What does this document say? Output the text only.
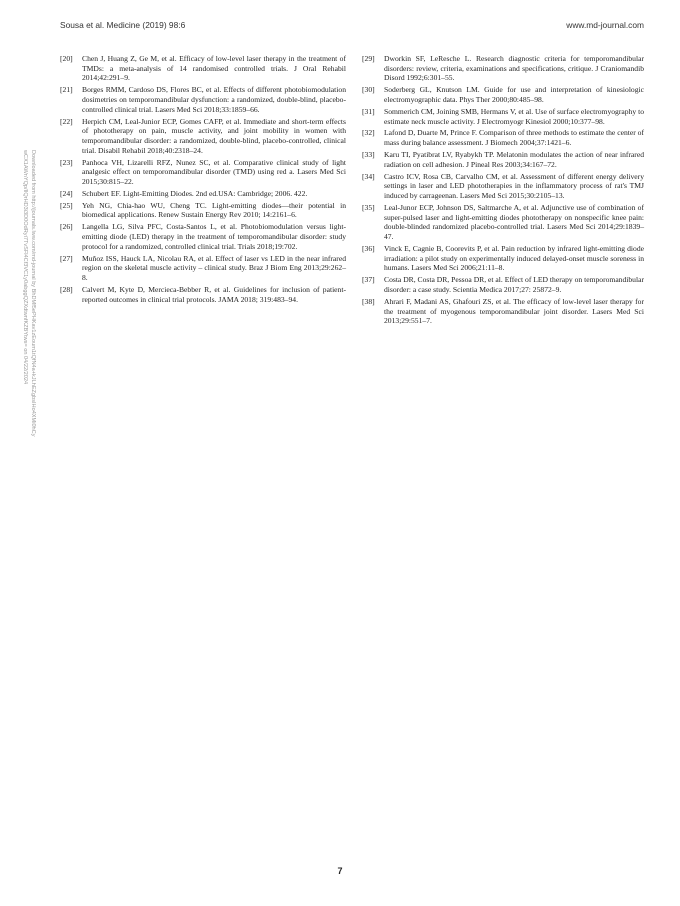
Sousa et al. Medicine (2019) 98:6	www.md-journal.com
Downloaded from http://journals.lww.com/md-journal by BhDMf5ePHKav1zEoum1tQfN4a+kJLhEZgbsIHo4XMi0hCy
wCX1AWnYQp/IlQrHD3i3D0OdRyi7TvSFl4Cf3VC1y0abggQZXdtwnfKZBYtws= on 04/22/2024
[20] Chen J, Huang Z, Ge M, et al. Efficacy of low-level laser therapy in the treatment of TMDs: a meta-analysis of 14 randomised controlled trials. J Oral Rehabil 2014;42:291–9.
[21] Borges RMM, Cardoso DS, Flores BC, et al. Effects of different photobiomodulation dosimetries on temporomandibular dysfunction: a randomized, double-blind, placebo-controlled clinical trial. Lasers Med Sci 2018;33:1859–66.
[22] Herpich CM, Leal-Junior ECP, Gomes CAFP, et al. Immediate and short-term effects of phototherapy on pain, muscle activity, and joint mobility in women with temporomandibular disorder: a randomized, double-blind, placebo-controlled, clinical trial. Disabil Rehabil 2018;40:2318–24.
[23] Panhoca VH, Lizarelli RFZ, Nunez SC, et al. Comparative clinical study of light analgesic effect on temporomandibular disorder (TMD) using red a. Lasers Med Sci 2015;30:815–22.
[24] Schubert EF. Light-Emitting Diodes. 2nd ed.USA: Cambridge; 2006. 422.
[25] Yeh NG, Chia-hao WU, Cheng TC. Light-emitting diodes—their potential in biomedical applications. Renew Sustain Energy Rev 2010; 14:2161–6.
[26] Langella LG, Silva PFC, Costa-Santos L, et al. Photobiomodulation versus light-emitting diode (LED) therapy in the treatment of temporomandibular disorder: study protocol for a randomized, controlled clinical trial. Trials 2018;19:702.
[27] Muñoz ISS, Hauck LA, Nicolau RA, et al. Effect of laser vs LED in the near infrared region on the skeletal muscle activity – clinical study. Braz J Biom Eng 2013;29:262–8.
[28] Calvert M, Kyte D, Mercieca-Bebber R, et al. Guidelines for inclusion of patient-reported outcomes in clinical trial protocols. JAMA 2018; 319:483–94.
[29] Dworkin SF, LeResche L. Research diagnostic criteria for temporomandibular disorders: review, criteria, examinations and specifications, critique. J Craniomandib Disord 1992;6:301–55.
[30] Soderberg GL, Knutson LM. Guide for use and interpretation of kinesiologic electromyographic data. Phys Ther 2000;80:485–98.
[31] Sommerich CM, Joining SMB, Hermans V, et al. Use of surface electromyography to estimate neck muscle activity. J Electromyogr Kinesiol 2000;10:377–98.
[32] Lafond D, Duarte M, Prince F. Comparison of three methods to estimate the center of mass during balance assessment. J Biomech 2004;37:1421–6.
[33] Karu TI, Pyatibrat LV, Ryabykh TP. Melatonin modulates the action of near infrared radiation on cell adhesion. J Pineal Res 2003;34:167–72.
[34] Castro ICV, Rosa CB, Carvalho CM, et al. Assessment of different energy delivery settings in laser and LED phototherapies in the inflammatory process of rat's TMJ induced by carrageenan. Lasers Med Sci 2015;30:2105–13.
[35] Leal-Junor ECP, Johnson DS, Saltmarche A, et al. Adjunctive use of combination of super-pulsed laser and light-emitting diodes phototherapy on nonspecific knee pain: double-blinded randomized placebo-controlled trial. Lasers Med Sci 2014;29:1839–47.
[36] Vinck E, Cagnie B, Coorevits P, et al. Pain reduction by infrared light-emitting diode irradiation: a pilot study on experimentally induced delayed-onset muscle soreness in humans. Lasers Med Sci 2006;21:11–8.
[37] Costa DR, Costa DR, Pessoa DR, et al. Effect of LED therapy on temporomandibular disorder: a case study. Scientia Medica 2017;27: 25872–9.
[38] Ahrari F, Madani AS, Ghafouri ZS, et al. The efficacy of low-level laser therapy for the treatment of myogenous temporomandibular joint disorder. Lasers Med Sci 2013;29:551–7.
7
